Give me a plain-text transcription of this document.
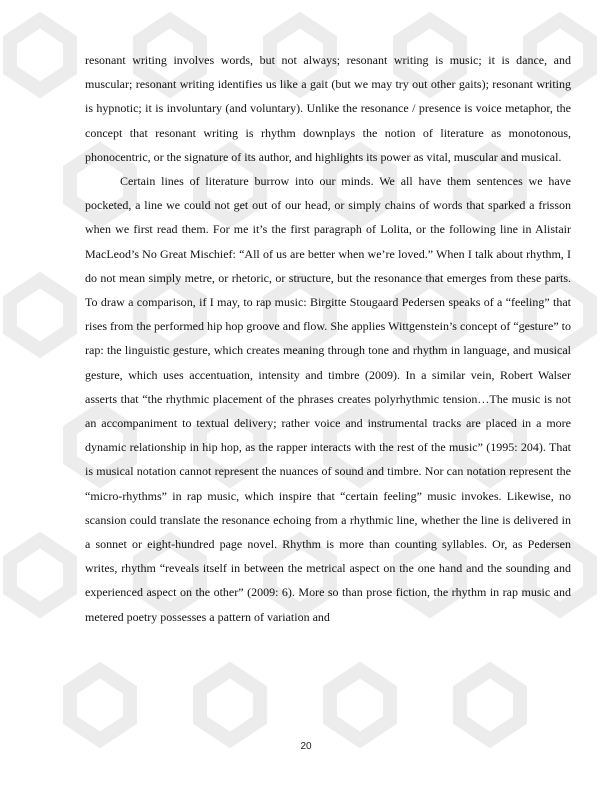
resonant writing involves words, but not always; resonant writing is music; it is dance, and muscular; resonant writing identifies us like a gait (but we may try out other gaits); resonant writing is hypnotic; it is involuntary (and voluntary). Unlike the resonance / presence is voice metaphor, the concept that resonant writing is rhythm downplays the notion of literature as monotonous, phonocentric, or the signature of its author, and highlights its power as vital, muscular and musical.

Certain lines of literature burrow into our minds. We all have them sentences we have pocketed, a line we could not get out of our head, or simply chains of words that sparked a frisson when we first read them. For me it’s the first paragraph of Lolita, or the following line in Alistair MacLeod’s No Great Mischief: “All of us are better when we’re loved.” When I talk about rhythm, I do not mean simply metre, or rhetoric, or structure, but the resonance that emerges from these parts. To draw a comparison, if I may, to rap music: Birgitte Stougaard Pedersen speaks of a “feeling” that rises from the performed hip hop groove and flow. She applies Wittgenstein’s concept of “gesture” to rap: the linguistic gesture, which creates meaning through tone and rhythm in language, and musical gesture, which uses accentuation, intensity and timbre (2009). In a similar vein, Robert Walser asserts that “the rhythmic placement of the phrases creates polyrhythmic tension…The music is not an accompaniment to textual delivery; rather voice and instrumental tracks are placed in a more dynamic relationship in hip hop, as the rapper interacts with the rest of the music” (1995: 204). That is musical notation cannot represent the nuances of sound and timbre. Nor can notation represent the “micro-rhythms” in rap music, which inspire that “certain feeling” music invokes. Likewise, no scansion could translate the resonance echoing from a rhythmic line, whether the line is delivered in a sonnet or eight-hundred page novel. Rhythm is more than counting syllables. Or, as Pedersen writes, rhythm “reveals itself in between the metrical aspect on the one hand and the sounding and experienced aspect on the other” (2009: 6). More so than prose fiction, the rhythm in rap music and metered poetry possesses a pattern of variation and

20
